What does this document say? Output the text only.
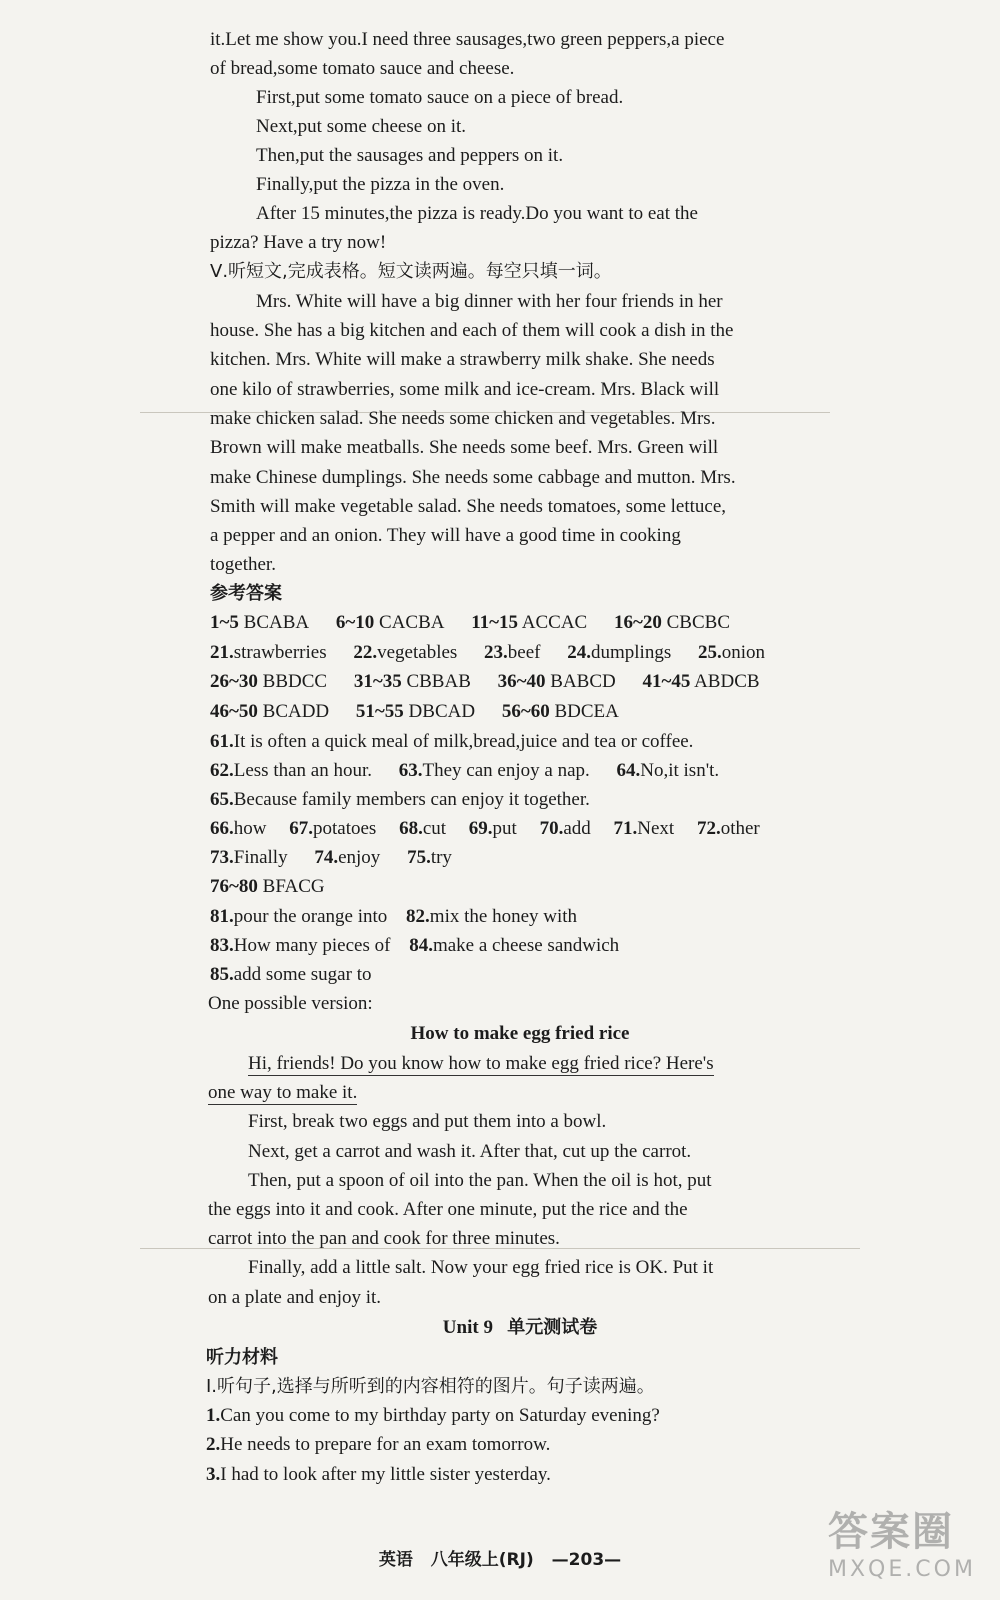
it.Let me show you.I need three sausages,two green peppers,a piece
of bread,some tomato sauce and cheese.
First,put some tomato sauce on a piece of bread.
Next,put some cheese on it.
Then,put the sausages and peppers on it.
Finally,put the pizza in the oven.
After 15 minutes,the pizza is ready.Do you want to eat the
pizza? Have a try now!
Ⅴ.听短文,完成表格。短文读两遍。每空只填一词。
Mrs. White will have a big dinner with her four friends in her
house. She has a big kitchen and each of them will cook a dish in the
kitchen. Mrs. White will make a strawberry milk shake. She needs
one kilo of strawberries, some milk and ice-cream. Mrs. Black will
make chicken salad. She needs some chicken and vegetables. Mrs.
Brown will make meatballs. She needs some beef. Mrs. Green will
make Chinese dumplings. She needs some cabbage and mutton. Mrs.
Smith will make vegetable salad. She needs tomatoes, some lettuce,
a pepper and an onion. They will have a good time in cooking
together.
参考答案
1~5 BCABA 6~10 CACBA 11~15 ACCAC 16~20 CBCBC
21.strawberries 22.vegetables 23.beef 24.dumplings 25.onion
26~30 BBDCC 31~35 CBBAB 36~40 BABCD 41~45 ABDCB
46~50 BCADD 51~55 DBCAD 56~60 BDCEA
61.It is often a quick meal of milk,bread,juice and tea or coffee.
62.Less than an hour. 63.They can enjoy a nap. 64.No,it isn't.
65.Because family members can enjoy it together.
66.how 67.potatoes 68.cut 69.put 70.add 71.Next 72.other
73.Finally 74.enjoy 75.try
76~80 BFACG
81.pour the orange into 82.mix the honey with
83.How many pieces of 84.make a cheese sandwich
85.add some sugar to
One possible version:
How to make egg fried rice
Hi, friends! Do you know how to make egg fried rice? Here's
one way to make it.
First, break two eggs and put them into a bowl.
Next, get a carrot and wash it. After that, cut up the carrot.
Then, put a spoon of oil into the pan. When the oil is hot, put
the eggs into it and cook. After one minute, put the rice and the
carrot into the pan and cook for three minutes.
Finally, add a little salt. Now your egg fried rice is OK. Put it
on a plate and enjoy it.
Unit 9 单元测试卷
听力材料
Ⅰ.听句子,选择与所听到的内容相符的图片。句子读两遍。
1.Can you come to my birthday party on Saturday evening?
2.He needs to prepare for an exam tomorrow.
3.I had to look after my little sister yesterday.
英语 八年级上(RJ) —203—
答案圈
MXQE.COM
